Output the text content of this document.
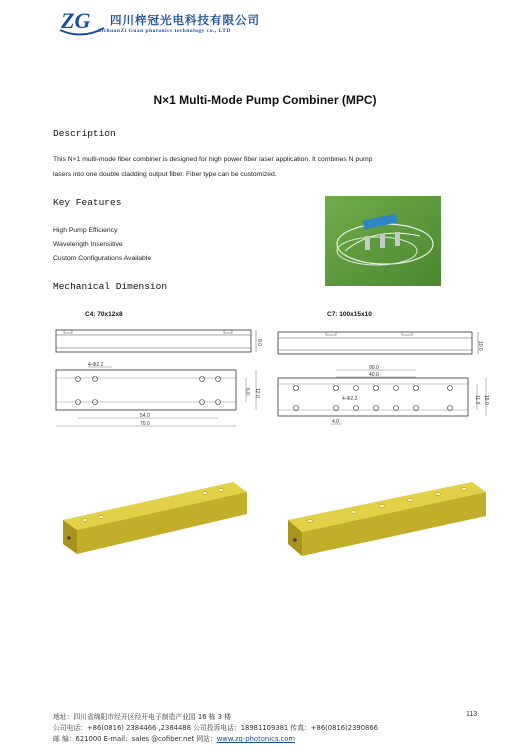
ZG 四川梓冠光电科技有限公司
SichuanZi Guan photonics technology co., LTD
N×1 Multi-Mode Pump Combiner (MPC)
Description
This N×1 multi-mode fiber combiner is designed for high power fiber laser application. It combines N pump
lasers into one double cladding output fiber. Fiber type can be customized.
Key Features
High Pump Efficiency
Wavelength Insensitive
Custom Configurations Available
Mechanical Dimension
C4: 70x12x8	C7: 100x15x10
8.0
4-Φ2.2
6.0 12.0
54.0
70.0
10.0
90.0
40.0
4-Φ2.2	11.0 15.0
4.0
地址：四川省绵阳市经开区经开电子制造产业园 16 栋 3 楼	113
公司电话：+86(0816) 2384466 ,2384488 公司投诉电话：18981109381 传真：+86(0816)2390866
邮 编：621000 E-mail：sales @cofiber.net 网站：www.zg-photonics.com
